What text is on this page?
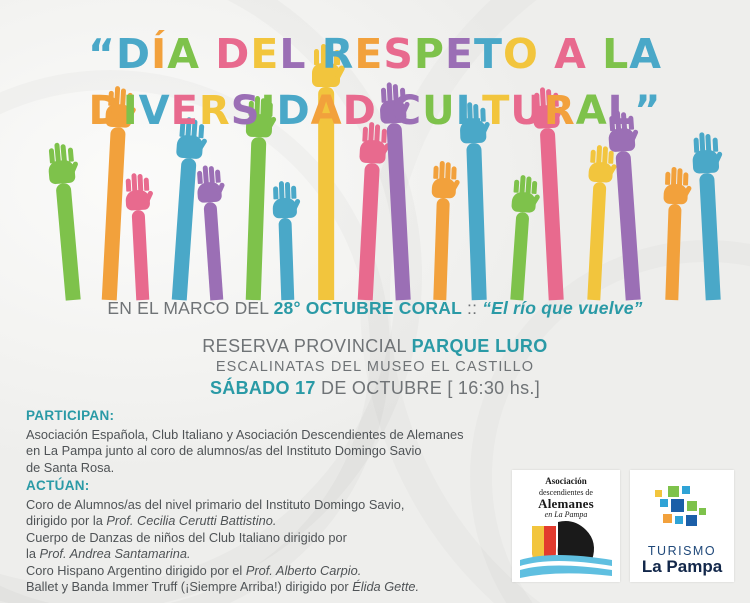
“DÍA DEL RESPETO A LA
DIVERSIDAD CULTURAL”
EN EL MARCO DEL 28° OCTUBRE CORAL :: “El río que vuelve”
RESERVA PROVINCIAL PARQUE LURO
ESCALINATAS DEL MUSEO EL CASTILLO
SÁBADO 17 DE OCTUBRE [ 16:30 hs.]
PARTICIPAN:
Asociación Española, Club Italiano y Asociación Descendientes de Alemanes
en La Pampa junto al coro de alumnos/as del Instituto Domingo Savio
de Santa Rosa.
ACTÚAN:
Coro de Alumnos/as del nivel primario del Instituto Domingo Savio,
dirigido por la Prof. Cecilia Cerutti Battistino.
Cuerpo de Danzas de niños del Club Italiano dirigido por
la Prof. Andrea Santamarina.
Coro Hispano Argentino dirigido por el Prof. Alberto Carpio.
Ballet y Banda Immer Truff (¡Siempre Arriba!) dirigido por Élida Gette.
Asociación
descendientes de
Alemanes
en La Pampa
TURISMO
La Pampa
